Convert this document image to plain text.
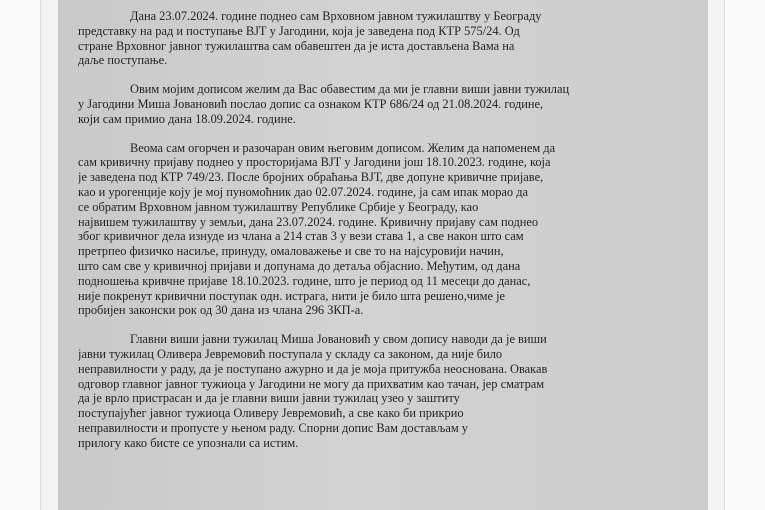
Дана 23.07.2024. године поднео сам Врховном јавном тужилаштву у Београду
представку на рад и поступање ВЈТ у Јагодини, која је заведена под КТР 575/24. Од
стране Врховног јавног тужилаштва сам обавештен да је иста достављена Вама на
даље поступање.
Овим мојим дописом желим да Вас обавестим да ми је главни виши јавни тужилац
у Јагодини Миша Јовановић послао допис са ознаком КТР 686/24 од 21.08.2024. године,
који сам примио дана 18.09.2024. године.
Веома сам огорчен и разочаран овим његовим дописом. Желим да напоменем да
сам кривичну пријаву поднео у просторијама ВЈТ у Јагодини још 18.10.2023. године, која
је заведена под КТР 749/23. После бројних обраћања ВЈТ, две допуне кривичне пријаве,
као и урогенције коју је мој пуномоћник дао 02.07.2024. године, ја сам ипак морао да
се обратим Врховном јавном тужилаштву Републике Србије у Београду, као
највишем тужилаштву у земљи, дана 23.07.2024. године. Кривичну пријаву сам поднео
због кривичног дела изнуде из члана а 214 став 3 у вези става 1, а све након што сам
претрпео физичко насиље, принуду, омаловажење и све то на најсуровији начин,
што сам све у кривичној пријави и допунама до детаља објаснио. Међутим, од дана
подношења кривчне пријаве 18.10.2023. године, што је период од 11 месеци до данас,
није покренут кривични поступак одн. истрага, нити је било шта решено,чиме је
пробијен законски рок од 30 дана из члана 296 ЗКП-а.
Главни виши јавни тужилац Миша Јовановић у свом допису наводи да је виши
јавни тужилац Оливера Јевремовић поступала у складу са законом, да није било
неправилности у раду, да је поступано ажурно и да је моја притужба неоснована. Овакав
одговор главног јавног тужиоца у Јагодини не могу да прихватим као тачан, јер сматрам
да је врло пристрасан и да је главни виши јавни тужилац узео у заштиту
поступајућег јавног тужиоца Оливеру Јевремовић, а све како би прикрио
неправилности и пропусте у њеном раду. Спорни допис Вам достављам у
прилогу како бисте се упознали са истим.
